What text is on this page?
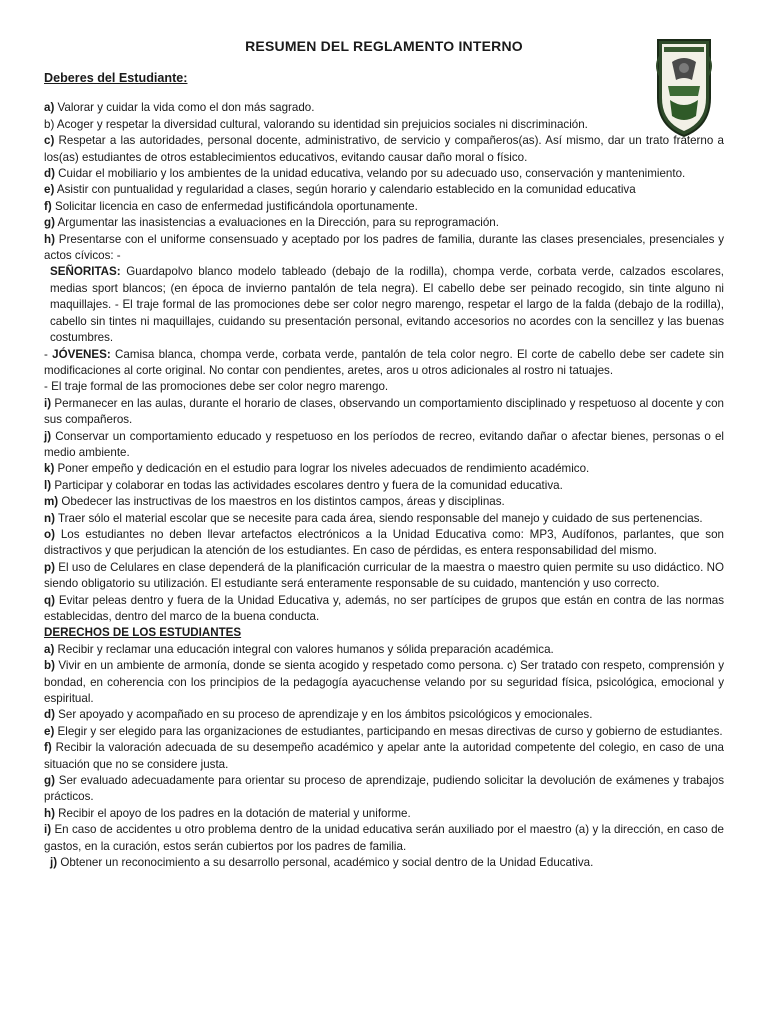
RESUMEN DEL REGLAMENTO INTERNO

Deberes del Estudiante:

a) Valorar y cuidar la vida como el don más sagrado.

b) Acoger y respetar la diversidad cultural, valorando su identidad sin prejuicios sociales ni discriminación.

c) Respetar a las autoridades, personal docente, administrativo, de servicio y compañeros(as). Así mismo, dar un trato fraterno a los(as) estudiantes de otros establecimientos educativos, evitando causar daño moral o físico.

d) Cuidar el mobiliario y los ambientes de la unidad educativa, velando por su adecuado uso, conservación y mantenimiento.

e) Asistir con puntualidad y regularidad a clases, según horario y calendario establecido en la comunidad educativa

f) Solicitar licencia en caso de enfermedad justificándola oportunamente.

g) Argumentar las inasistencias a evaluaciones en la Dirección, para su reprogramación.

h) Presentarse con el uniforme consensuado y aceptado por los padres de familia, durante las clases presenciales, presenciales y actos cívicos: -

SEÑORITAS: Guardapolvo blanco modelo tableado (debajo de la rodilla), chompa verde, corbata verde, calzados escolares, medias sport blancos; (en época de invierno pantalón de tela negra). El cabello debe ser peinado recogido, sin tinte alguno ni maquillajes. - El traje formal de las promociones debe ser color negro marengo, respetar el largo de la falda (debajo de la rodilla), cabello sin tintes ni maquillajes, cuidando su presentación personal, evitando accesorios no acordes con la sencillez y las buenas costumbres.

- JÓVENES: Camisa blanca, chompa verde, corbata verde, pantalón de tela color negro. El corte de cabello debe ser cadete sin modificaciones al corte original. No contar con pendientes, aretes, aros u otros adicionales al rostro ni tatuajes.

- El traje formal de las promociones debe ser color negro marengo.

i) Permanecer en las aulas, durante el horario de clases, observando un comportamiento disciplinado y respetuoso al docente y con sus compañeros.

j) Conservar un comportamiento educado y respetuoso en los períodos de recreo, evitando dañar o afectar bienes, personas o el medio ambiente.

k) Poner empeño y dedicación en el estudio para lograr los niveles adecuados de rendimiento académico.

l) Participar y colaborar en todas las actividades escolares dentro y fuera de la comunidad educativa.

m) Obedecer las instructivas de los maestros en los distintos campos, áreas y disciplinas.

n) Traer sólo el material escolar que se necesite para cada área, siendo responsable del manejo y cuidado de sus pertenencias.

o) Los estudiantes no deben llevar artefactos electrónicos a la Unidad Educativa como: MP3, Audífonos, parlantes, que son distractivos y que perjudican la atención de los estudiantes. En caso de pérdidas, es entera responsabilidad del mismo.

p) El uso de Celulares en clase dependerá de la planificación curricular de la maestra o maestro quien permite su uso didáctico. NO siendo obligatorio su utilización. El estudiante será enteramente responsable de su cuidado, mantención y uso correcto.

q) Evitar peleas dentro y fuera de la Unidad Educativa y, además, no ser partícipes de grupos que están en contra de las normas establecidas, dentro del marco de la buena conducta.

DERECHOS DE LOS ESTUDIANTES

a) Recibir y reclamar una educación integral con valores humanos y sólida preparación académica.

b) Vivir en un ambiente de armonía, donde se sienta acogido y respetado como persona. c) Ser tratado con respeto, comprensión y bondad, en coherencia con los principios de la pedagogía ayacuchense velando por su seguridad física, psicológica, emocional y espiritual.

d) Ser apoyado y acompañado en su proceso de aprendizaje y en los ámbitos psicológicos y emocionales.

e) Elegir y ser elegido para las organizaciones de estudiantes, participando en mesas directivas de curso y gobierno de estudiantes.

f) Recibir la valoración adecuada de su desempeño académico y apelar ante la autoridad competente del colegio, en caso de una situación que no se considere justa.

g) Ser evaluado adecuadamente para orientar su proceso de aprendizaje, pudiendo solicitar la devolución de exámenes y trabajos prácticos.

h) Recibir el apoyo de los padres en la dotación de material y uniforme.

i) En caso de accidentes u otro problema dentro de la unidad educativa serán auxiliado por el maestro (a) y la dirección, en caso de gastos, en la curación, estos serán cubiertos por los padres de familia.

j) Obtener un reconocimiento a su desarrollo personal, académico y social dentro de la Unidad Educativa.
